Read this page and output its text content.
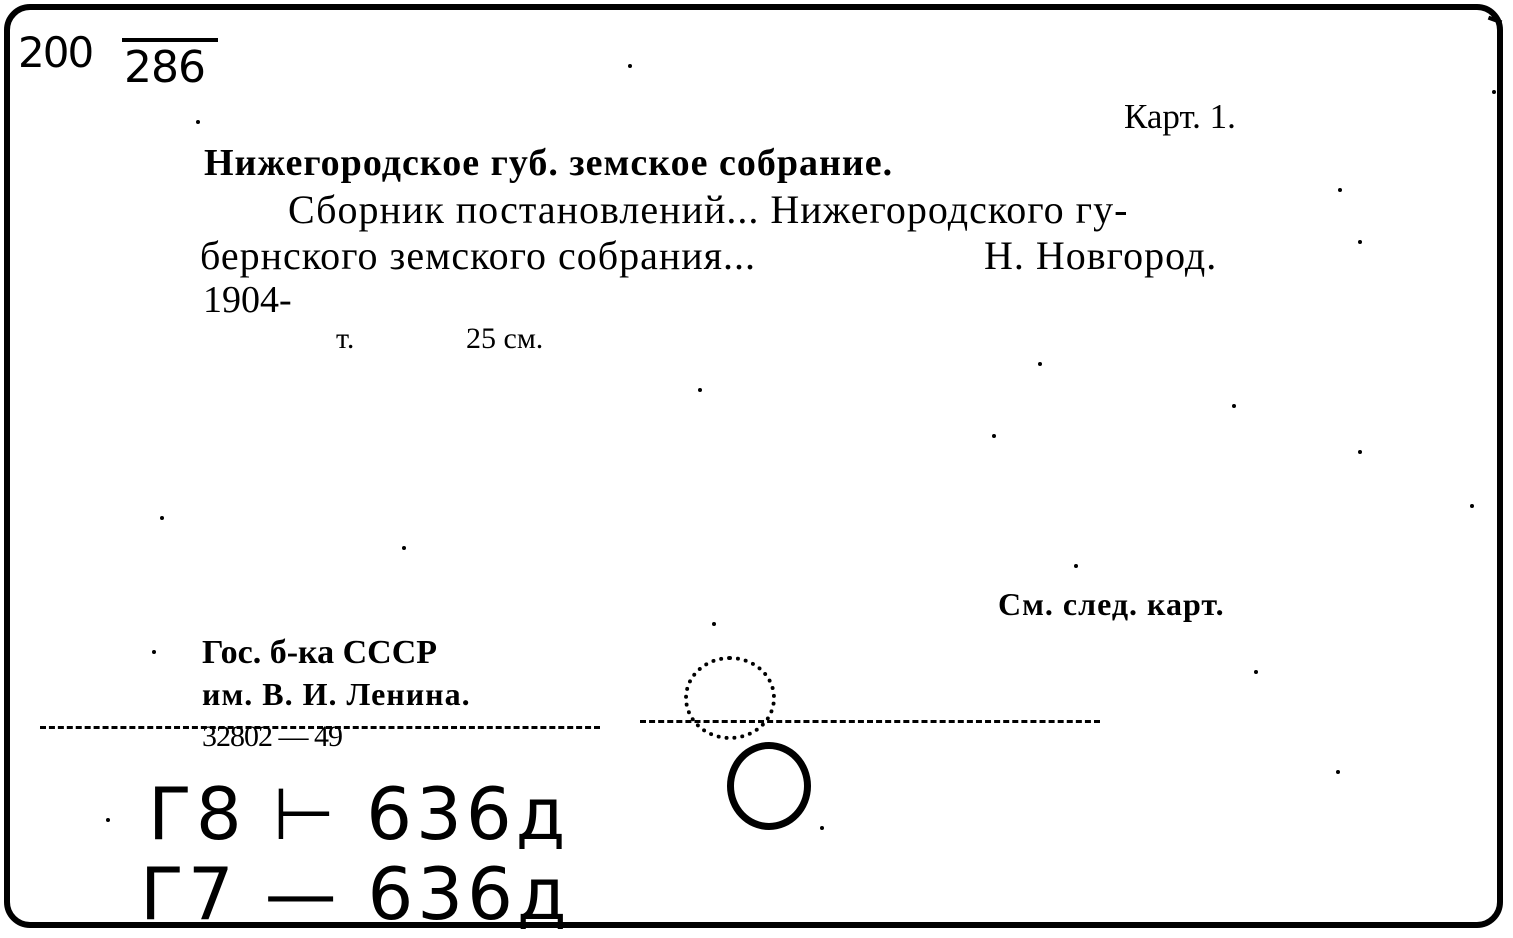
200 286
Карт. 1.
Нижегородское губ. земское собрание.
Сборник постановлений... Нижегородского гу-
бернского земского собрания...	Н. Новгород.
1904-
т.	25 см.
См. след. карт.
Гос. б-ка СССР
им. В. И. Ленина.
32802 — 49
Г8 ⊢ 636д
Г7 — 636д
